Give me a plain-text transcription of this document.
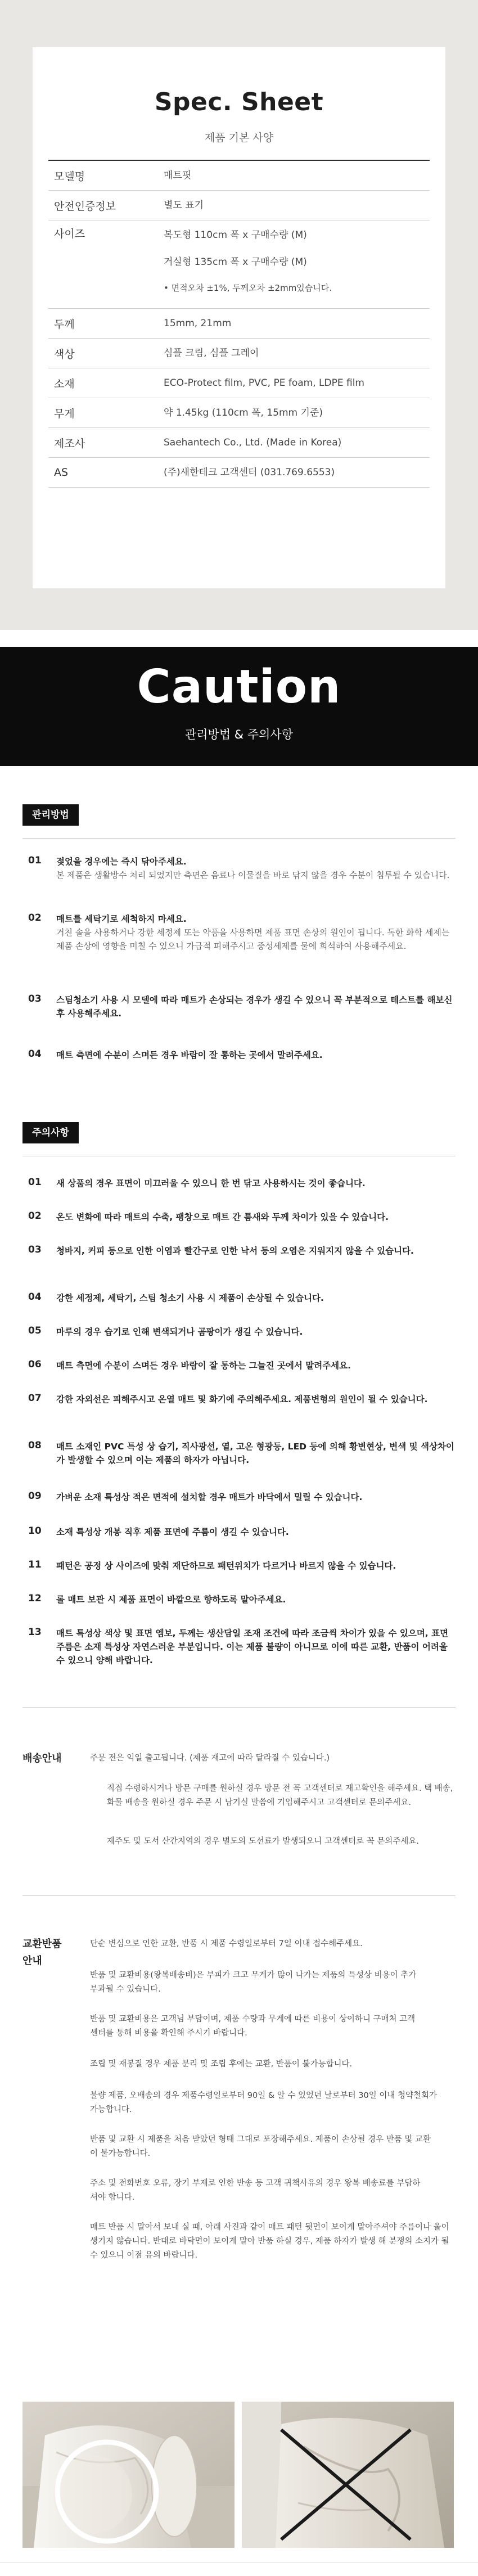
Spec. Sheet
제품 기본 사양
모델명	매트핏
안전인증정보	별도 표기
사이즈	복도형 110cm 폭 x 구매수량 (M)
거실형 135cm 폭 x 구매수량 (M)
• 면적오차 ±1%, 두께오차 ±2mm있습니다.
두께	15mm, 21mm
색상	심플 크림, 심플 그레이
소재	ECO-Protect film, PVC, PE foam, LDPE film
무게	약 1.45kg (110cm 폭, 15mm 기준)
제조사	Saehantech Co., Ltd. (Made in Korea)
AS	(주)새한테크 고객센터 (031.769.6553)
Caution
관리방법 & 주의사항
관리방법
01 젖었을 경우에는 즉시 닦아주세요.
본 제품은 생활방수 처리 되었지만 측면은 음료나 이물질을 바로 닦지 않을 경우 수분이 침투될 수 있습니다.
02 매트를 세탁기로 세척하지 마세요.
거친 솔을 사용하거나 강한 세정제 또는 약품을 사용하면 제품 표면 손상의 원인이 됩니다. 독한 화학 세제는 제품 손상에 영향을 미칠 수 있으니 가급적 피해주시고 중성세제를 물에 희석하여 사용해주세요.
03 스팀청소기 사용 시 모델에 따라 매트가 손상되는 경우가 생길 수 있으니 꼭 부분적으로 테스트를 해보신 후 사용해주세요.
04 매트 측면에 수분이 스며든 경우 바람이 잘 통하는 곳에서 말려주세요.
주의사항
01 새 상품의 경우 표면이 미끄러울 수 있으니 한 번 닦고 사용하시는 것이 좋습니다.
02 온도 변화에 따라 매트의 수축, 팽창으로 매트 간 틈새와 두께 차이가 있을 수 있습니다.
03 청바지, 커피 등으로 인한 이염과 빨간구로 인한 낙서 등의 오염은 지워지지 않을 수 있습니다.
04 강한 세정제, 세탁기, 스팀 청소기 사용 시 제품이 손상될 수 있습니다.
05 마루의 경우 습기로 인해 변색되거나 곰팡이가 생길 수 있습니다.
06 매트 측면에 수분이 스며든 경우 바람이 잘 통하는 그늘진 곳에서 말려주세요.
07 강한 자외선은 피해주시고 온열 매트 및 화기에 주의해주세요. 제품변형의 원인이 될 수 있습니다.
08 매트 소재인 PVC 특성 상 습기, 직사광선, 열, 고온 형광등, LED 등에 의해 황변현상, 변색 및 색상차이가 발생할 수 있으며 이는 제품의 하자가 아닙니다.
09 가벼운 소재 특성상 적은 면적에 설치할 경우 매트가 바닥에서 밀릴 수 있습니다.
10 소재 특성상 개봉 직후 제품 표면에 주름이 생길 수 있습니다.
11 패턴은 공정 상 사이즈에 맞춰 재단하므로 패턴위치가 다르거나 바르지 않을 수 있습니다.
12 롤 매트 보관 시 제품 표면이 바깥으로 향하도록 말아주세요.
13 매트 특성상 색상 및 표면 엠보, 두께는 생산담일 조재 조건에 따라 조금씩 차이가 있을 수 있으며, 표면 주름은 소재 특성상 자연스러운 부분입니다. 이는 제품 불량이 아니므로 이에 따른 교환, 반품이 어려울 수 있으니 양해 바랍니다.
배송안내	주문 전은 익일 출고됩니다. (제품 재고에 따라 달라질 수 있습니다.)
직접 수령하시거나 방문 구매를 원하실 경우 방문 전 꼭 고객센터로 재고확인을 해주세요. 택 배송, 화물 배송을 원하실 경우 주문 시 남기실 말씀에 기입해주시고 고객센터로 문의주세요.
제주도 및 도서 산간지역의 경우 별도의 도선료가 발생되오니 고객센터로 꼭 문의주세요.
교환반품
안내
단순 변심으로 인한 교환, 반품 시 제품 수령일로부터 7일 이내 접수해주세요.
반품 및 교환비용(왕복배송비)은 부피가 크고 무게가 많이 나가는 제품의 특성상 비용이 추가 부과될 수 있습니다.
반품 및 교환비용은 고객님 부담이며, 제품 수량과 무게에 따른 비용이 상이하니 구매처 고객센터를 통해 비용을 확인해 주시기 바랍니다.
조립 및 재봉질 경우 제품 분리 및 조립 후에는 교환, 반품이 불가능합니다.
불량 제품, 오배송의 경우 제품수령일로부터 90일 & 알 수 있었던 날로부터 30일 이내 청약철회가 가능합니다.
반품 및 교환 시 제품을 처음 받았던 형태 그대로 포장해주세요. 제품이 손상될 경우 반품 및 교환이 불가능합니다.
주소 및 전화번호 오류, 장기 부재로 인한 반송 등 고객 귀책사유의 경우 왕복 배송료를 부담하셔야 합니다.
매트 반품 시 말아서 보내 실 때, 아래 사진과 같이 매트 패턴 뒷면이 보이게 말아주셔야 주름이나 울이 생기지 않습니다. 반대로 바닥면이 보이게 말아 반품 하실 경우, 제품 하자가 발생 해 분쟁의 소지가 될 수 있으니 이점 유의 바랍니다.
